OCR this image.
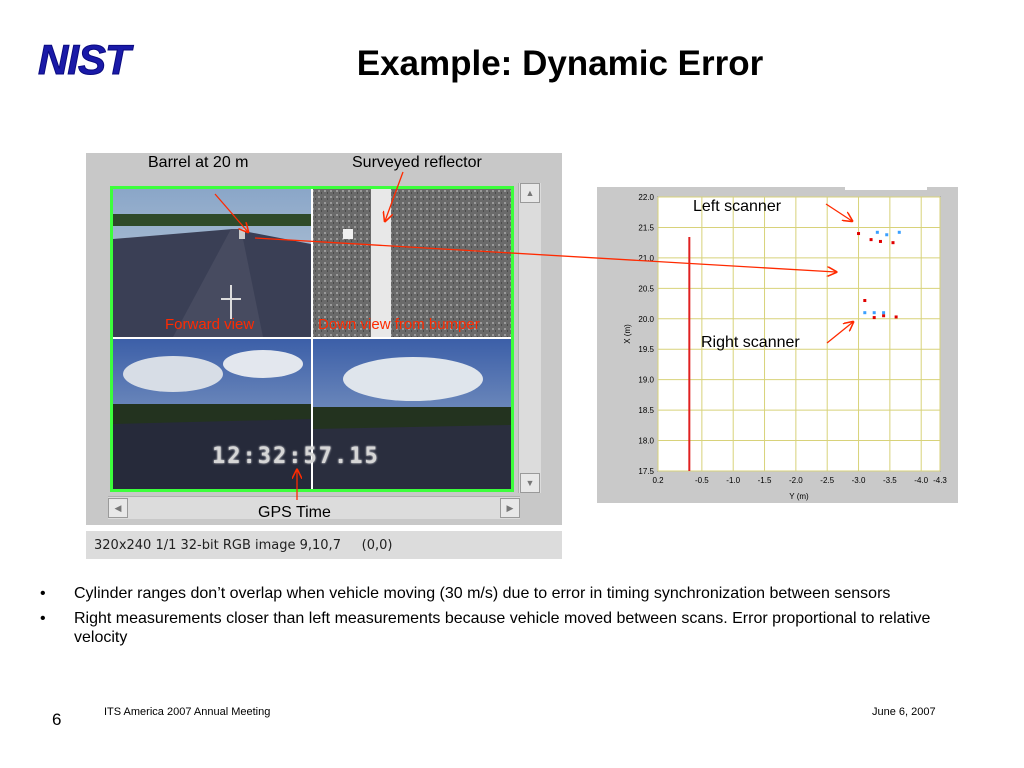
NIST	Example: Dynamic Error
12:32:57.15
▲
▼
◀	▶
320x240 1/1 32-bit RGB image 9,10,7     (0,0)
Barrel at 20 m	Surveyed reflector
Forward view	Down view from bumper
GPS Time
22.0
21.5
21.0
20.5
20.0
19.5
19.0
18.5
18.0
17.5
0.2	-0.5 -1.0 -1.5 -2.0 -2.5 -3.0 -3.5 -4.0 -4.3
Y (m)
X (m)
Left scanner
Right scanner
• Cylinder ranges don’t overlap when vehicle moving (30 m/s) due to error in timing synchronization between sensors
• Right measurements closer than left measurements because vehicle moved between scans. Error proportional to relative velocity
6	ITS America 2007 Annual Meeting	June 6, 2007
